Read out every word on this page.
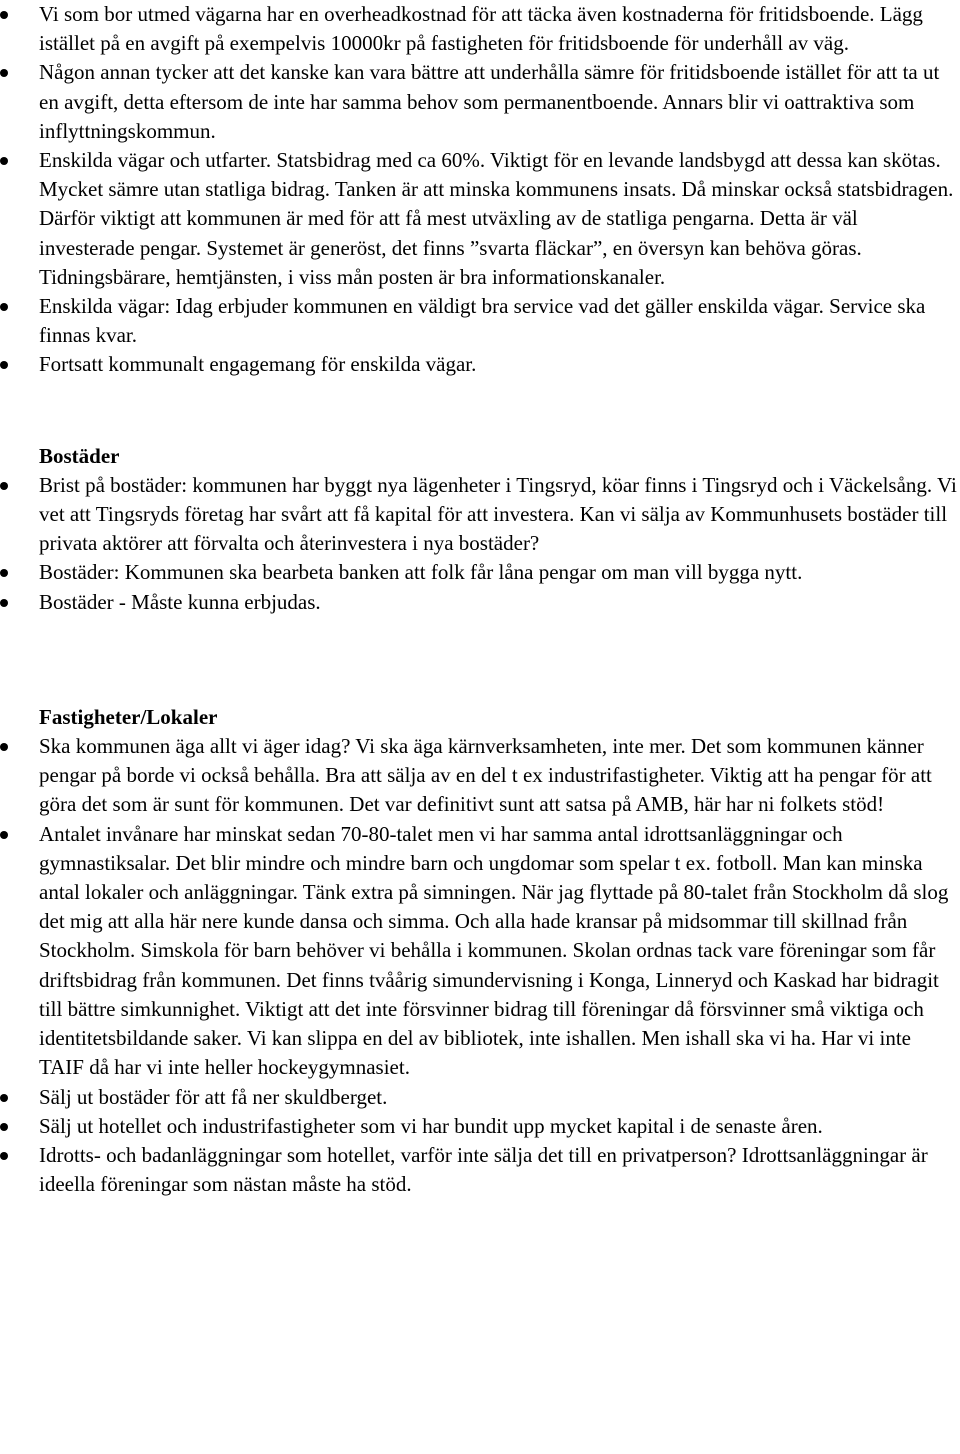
Vi som bor utmed vägarna har en overheadkostnad för att täcka även kostnaderna för fritidsboende. Lägg istället på en avgift på exempelvis 10000kr på fastigheten för fritidsboende för underhåll av väg.
Någon annan tycker att det kanske kan vara bättre att underhålla sämre för fritidsboende istället för att ta ut en avgift, detta eftersom de inte har samma behov som permanentboende. Annars blir vi oattraktiva som inflyttningskommun.
Enskilda vägar och utfarter. Statsbidrag med ca 60%. Viktigt för en levande landsbygd att dessa kan skötas. Mycket sämre utan statliga bidrag. Tanken är att minska kommunens insats. Då minskar också statsbidragen. Därför viktigt att kommunen är med för att få mest utväxling av de statliga pengarna. Detta är väl investerade pengar. Systemet är generöst, det finns ”svarta fläckar”, en översyn kan behöva göras. Tidningsbärare, hemtjänsten, i viss mån posten är bra informationskanaler.
Enskilda vägar: Idag erbjuder kommunen en väldigt bra service vad det gäller enskilda vägar. Service ska finnas kvar.
Fortsatt kommunalt engagemang för enskilda vägar.
Bostäder
Brist på bostäder: kommunen har byggt nya lägenheter i Tingsryd, köar finns i Tingsryd och i Väckelsång. Vi vet att Tingsryds företag har svårt att få kapital för att investera. Kan vi sälja av Kommunhusets bostäder till privata aktörer att förvalta och återinvestera i nya bostäder?
Bostäder: Kommunen ska bearbeta banken att folk får låna pengar om man vill bygga nytt.
Bostäder - Måste kunna erbjudas.
Fastigheter/Lokaler
Ska kommunen äga allt vi äger idag? Vi ska äga kärnverksamheten, inte mer. Det som kommunen känner pengar på borde vi också behålla. Bra att sälja av en del t ex industrifastigheter. Viktig att ha pengar för att göra det som är sunt för kommunen. Det var definitivt sunt att satsa på AMB, här har ni folkets stöd!
Antalet invånare har minskat sedan 70-80-talet men vi har samma antal idrottsanläggningar och gymnastiksalar. Det blir mindre och mindre barn och ungdomar som spelar t ex. fotboll. Man kan minska antal lokaler och anläggningar. Tänk extra på simningen. När jag flyttade på 80-talet från Stockholm då slog det mig att alla här nere kunde dansa och simma. Och alla hade kransar på midsommar till skillnad från Stockholm. Simskola för barn behöver vi behålla i kommunen. Skolan ordnas tack vare föreningar som får driftsbidrag från kommunen. Det finns tvåårig simundervisning i Konga, Linneryd och Kaskad har bidragit till bättre simkunnighet. Viktigt att det inte försvinner bidrag till föreningar då försvinner små viktiga och identitetsbildande saker. Vi kan slippa en del av bibliotek, inte ishallen. Men ishall ska vi ha. Har vi inte TAIF då har vi inte heller hockeygymnasiet.
Sälj ut bostäder för att få ner skuldberget.
Sälj ut hotellet och industrifastigheter som vi har bundit upp mycket kapital i de senaste åren.
Idrotts- och badanläggningar som hotellet, varför inte sälja det till en privatperson? Idrottsanläggningar är ideella föreningar som nästan måste ha stöd.
